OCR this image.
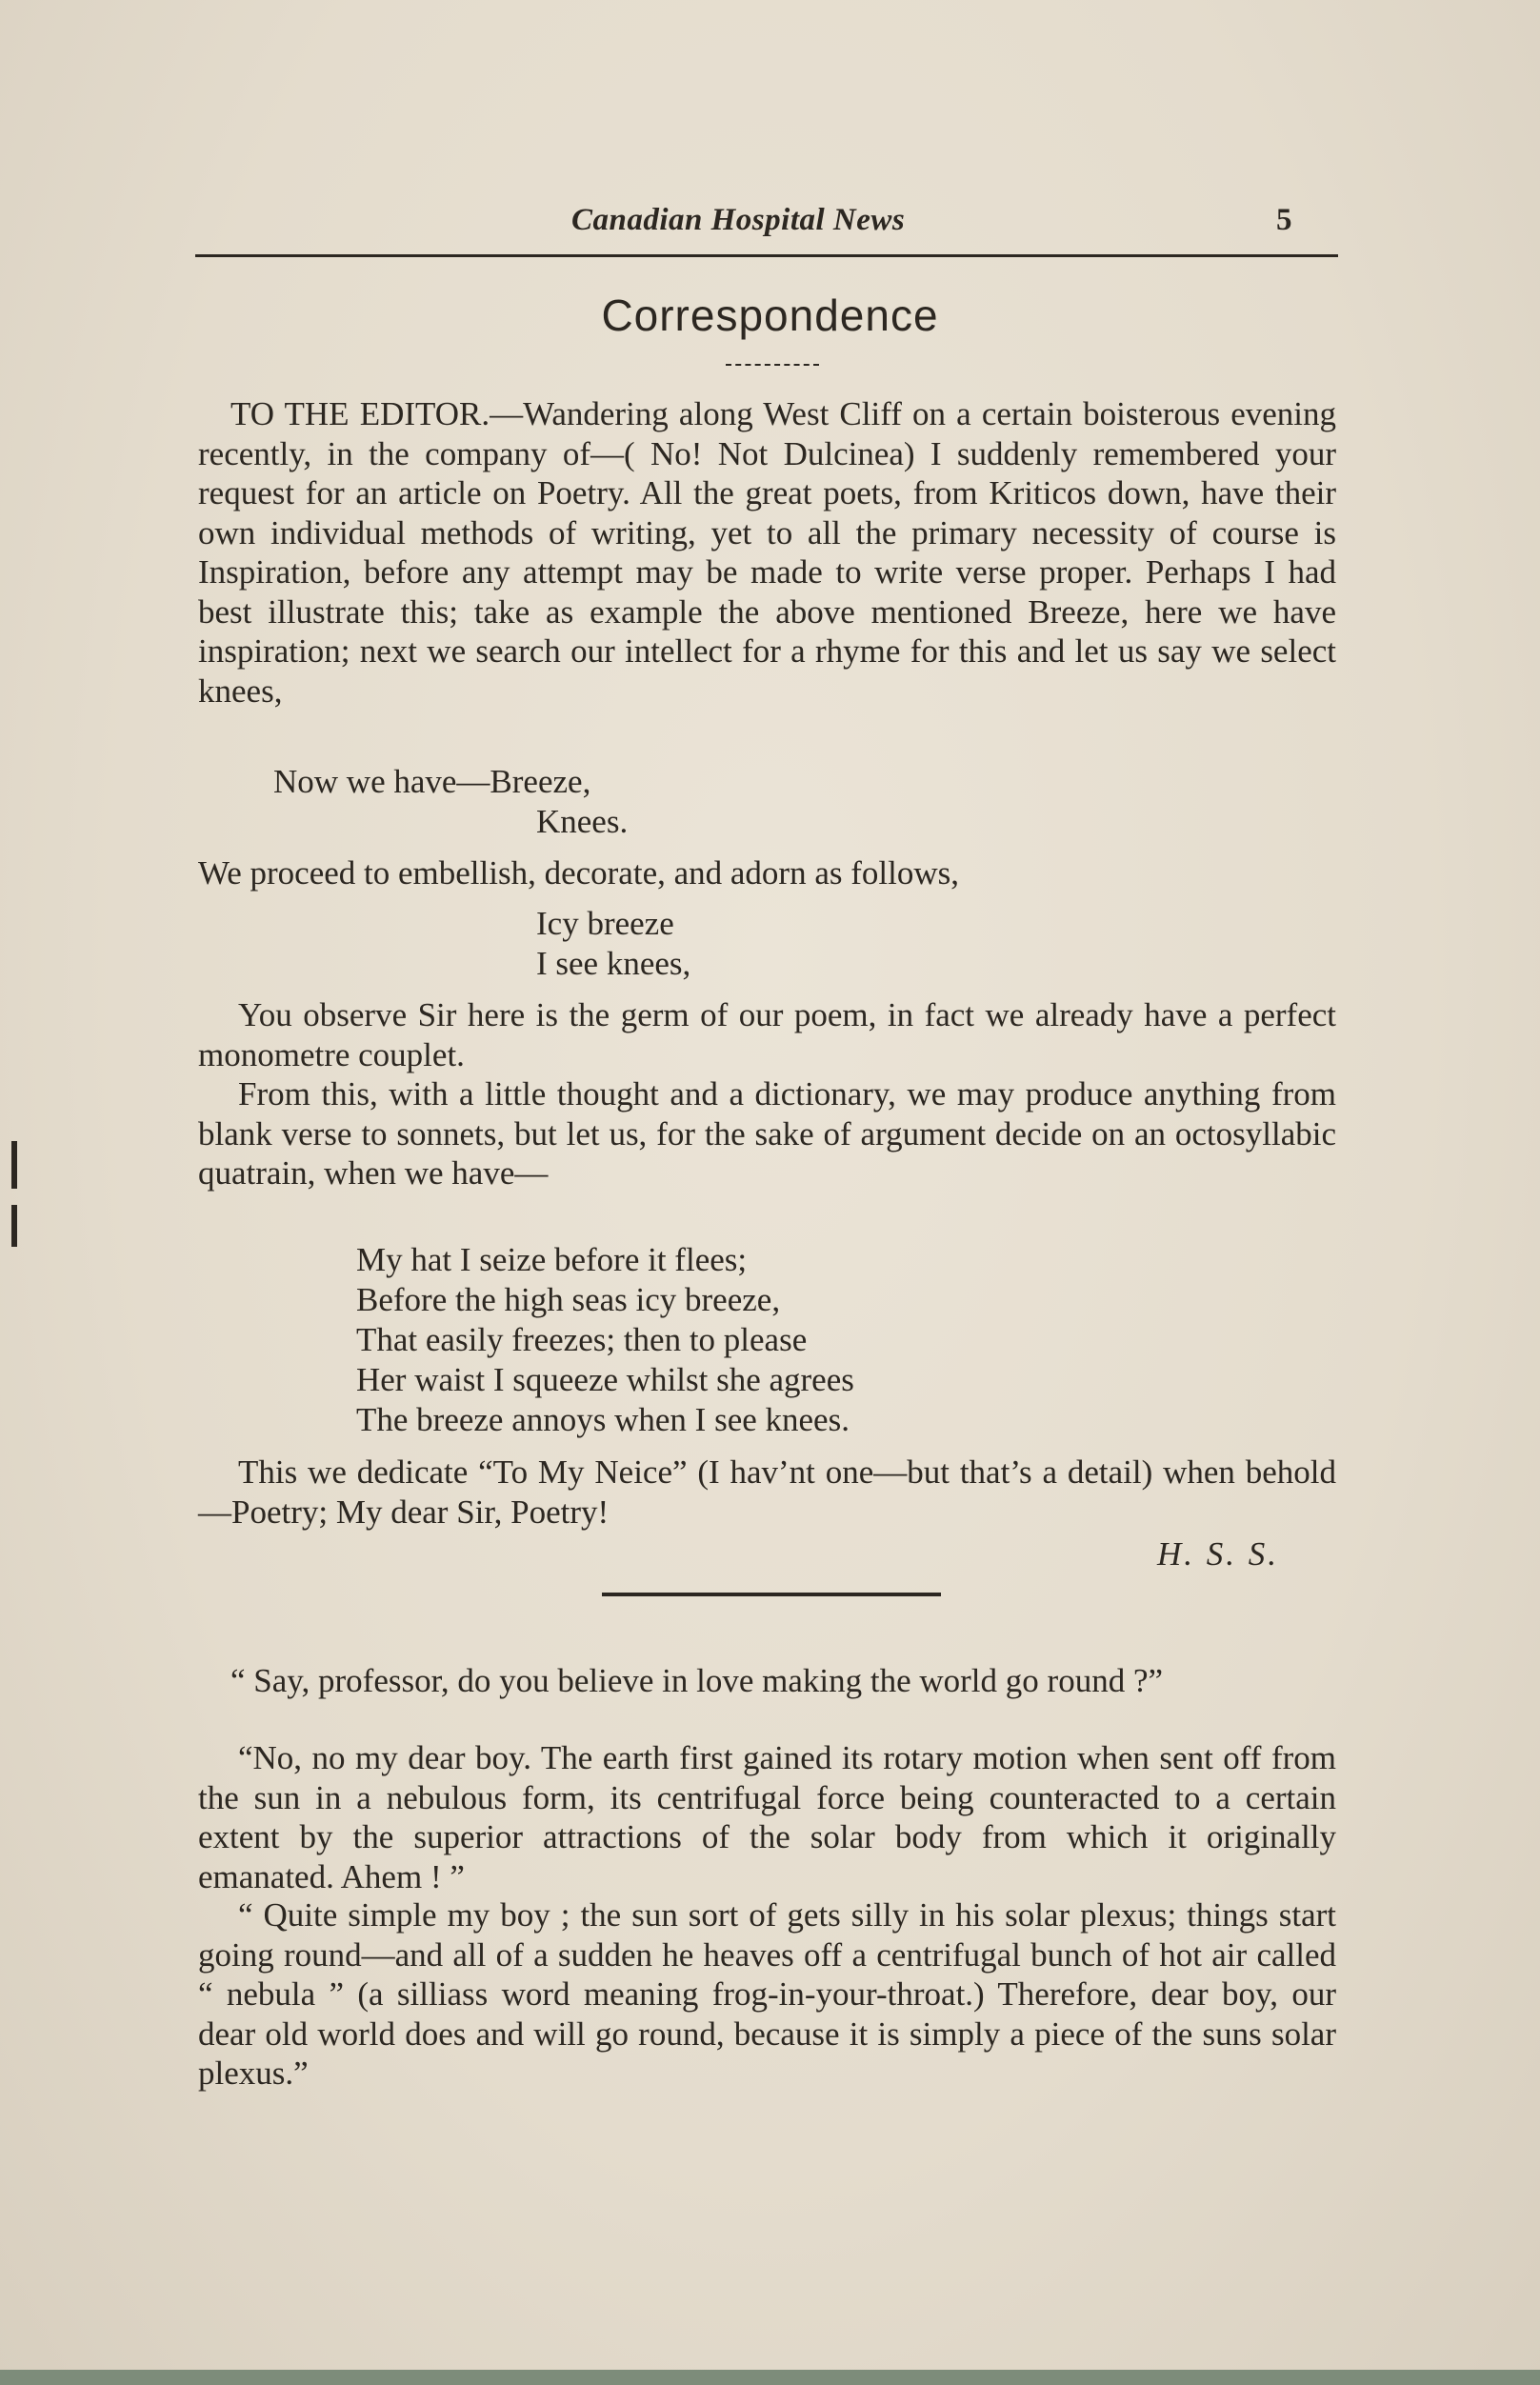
Canadian Hospital News	5
Correspondence
TO THE EDITOR.—Wandering along West Cliff on a certain boisterous evening recently, in the company of—( No! Not Dulcinea) I suddenly remembered your request for an article on Poetry. All the great poets, from Kriticos down, have their own individual methods of writing, yet to all the primary necessity of course is Inspiration, before any attempt may be made to write verse proper. Perhaps I had best illustrate this; take as example the above mentioned Breeze, here we have inspiration; next we search our intellect for a rhyme for this and let us say we select knees,
Now we have—Breeze,
Knees.
We proceed to embellish, decorate, and adorn as follows,
Icy breeze
I see knees,
You observe Sir here is the germ of our poem, in fact we already have a perfect monometre couplet.
From this, with a little thought and a dictionary, we may produce anything from blank verse to sonnets, but let us, for the sake of argument decide on an octosyllabic quatrain, when we have—
My hat I seize before it flees;
Before the high seas icy breeze,
That easily freezes; then to please
Her waist I squeeze whilst she agrees
The breeze annoys when I see knees.
This we dedicate “To My Neice” (I hav’nt one—but that’s a detail) when behold—Poetry; My dear Sir, Poetry!
H. S. S.
“ Say, professor, do you believe in love making the world go round ?”
“No, no my dear boy. The earth first gained its rotary motion when sent off from the sun in a nebulous form, its centrifugal force being counteracted to a certain extent by the superior attractions of the solar body from which it originally emanated. Ahem ! ”
“ Quite simple my boy ; the sun sort of gets silly in his solar plexus; things start going round—and all of a sudden he heaves off a centrifugal bunch of hot air called “ nebula ” (a silliass word meaning frog-in-your-throat.) Therefore, dear boy, our dear old world does and will go round, because it is simply a piece of the suns solar plexus.”
